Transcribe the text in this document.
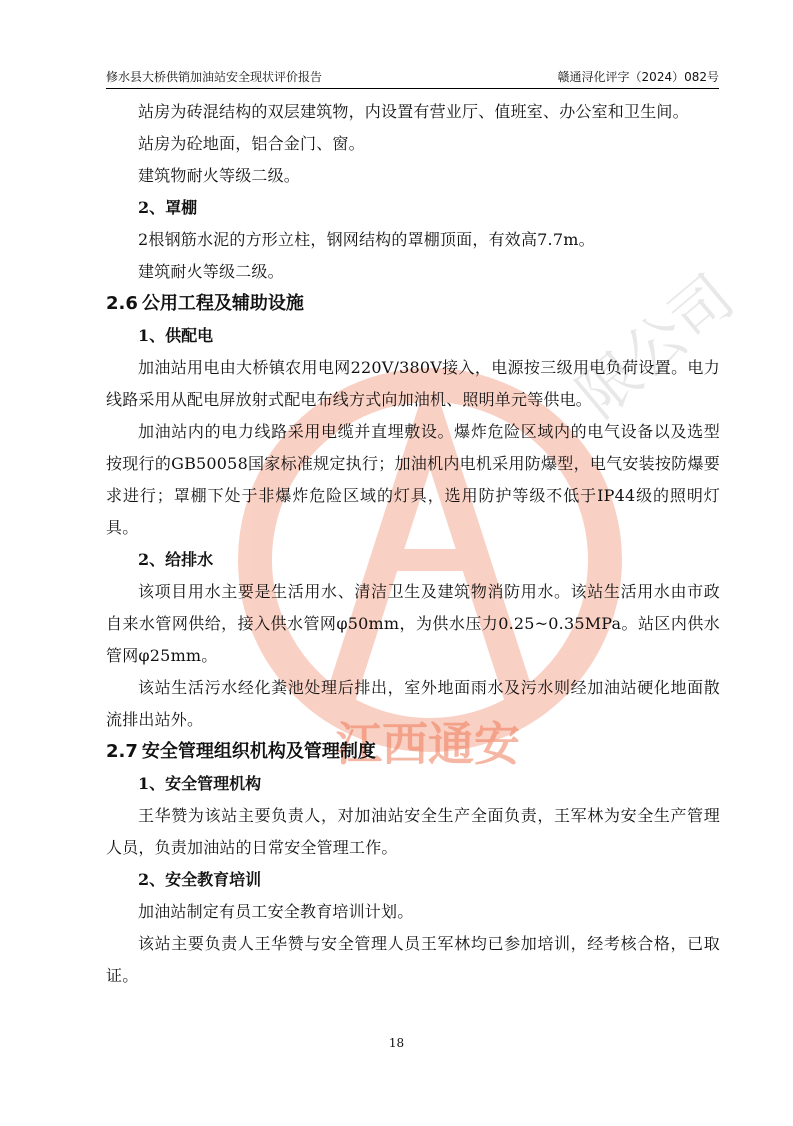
江西通安
限公司
修水县大桥供销加油站安全现状评价报告	赣通浔化评字（2024）082号

站房为砖混结构的双层建筑物，内设置有营业厅、值班室、办公室和卫生间。

站房为砼地面，铝合金门、窗。

建筑物耐火等级二级。

2、罩棚

2根钢筋水泥的方形立柱，钢网结构的罩棚顶面，有效高7.7m。

建筑耐火等级二级。

2.6 公用工程及辅助设施

1、供配电

加油站用电由大桥镇农用电网220V/380V接入，电源按三级用电负荷设置。电力线路采用从配电屏放射式配电布线方式向加油机、照明单元等供电。

加油站内的电力线路采用电缆并直埋敷设。爆炸危险区域内的电气设备以及选型按现行的GB50058国家标准规定执行；加油机内电机采用防爆型，电气安装按防爆要求进行；罩棚下处于非爆炸危险区域的灯具，选用防护等级不低于IP44级的照明灯具。

2、给排水

该项目用水主要是生活用水、清洁卫生及建筑物消防用水。该站生活用水由市政自来水管网供给，接入供水管网φ50mm，为供水压力0.25~0.35MPa。站区内供水管网φ25mm。

该站生活污水经化粪池处理后排出，室外地面雨水及污水则经加油站硬化地面散流排出站外。

2.7 安全管理组织机构及管理制度

1、安全管理机构

王华赞为该站主要负责人，对加油站安全生产全面负责，王军林为安全生产管理人员，负责加油站的日常安全管理工作。

2、安全教育培训

加油站制定有员工安全教育培训计划。

该站主要负责人王华赞与安全管理人员王军林均已参加培训，经考核合格，已取证。

18
